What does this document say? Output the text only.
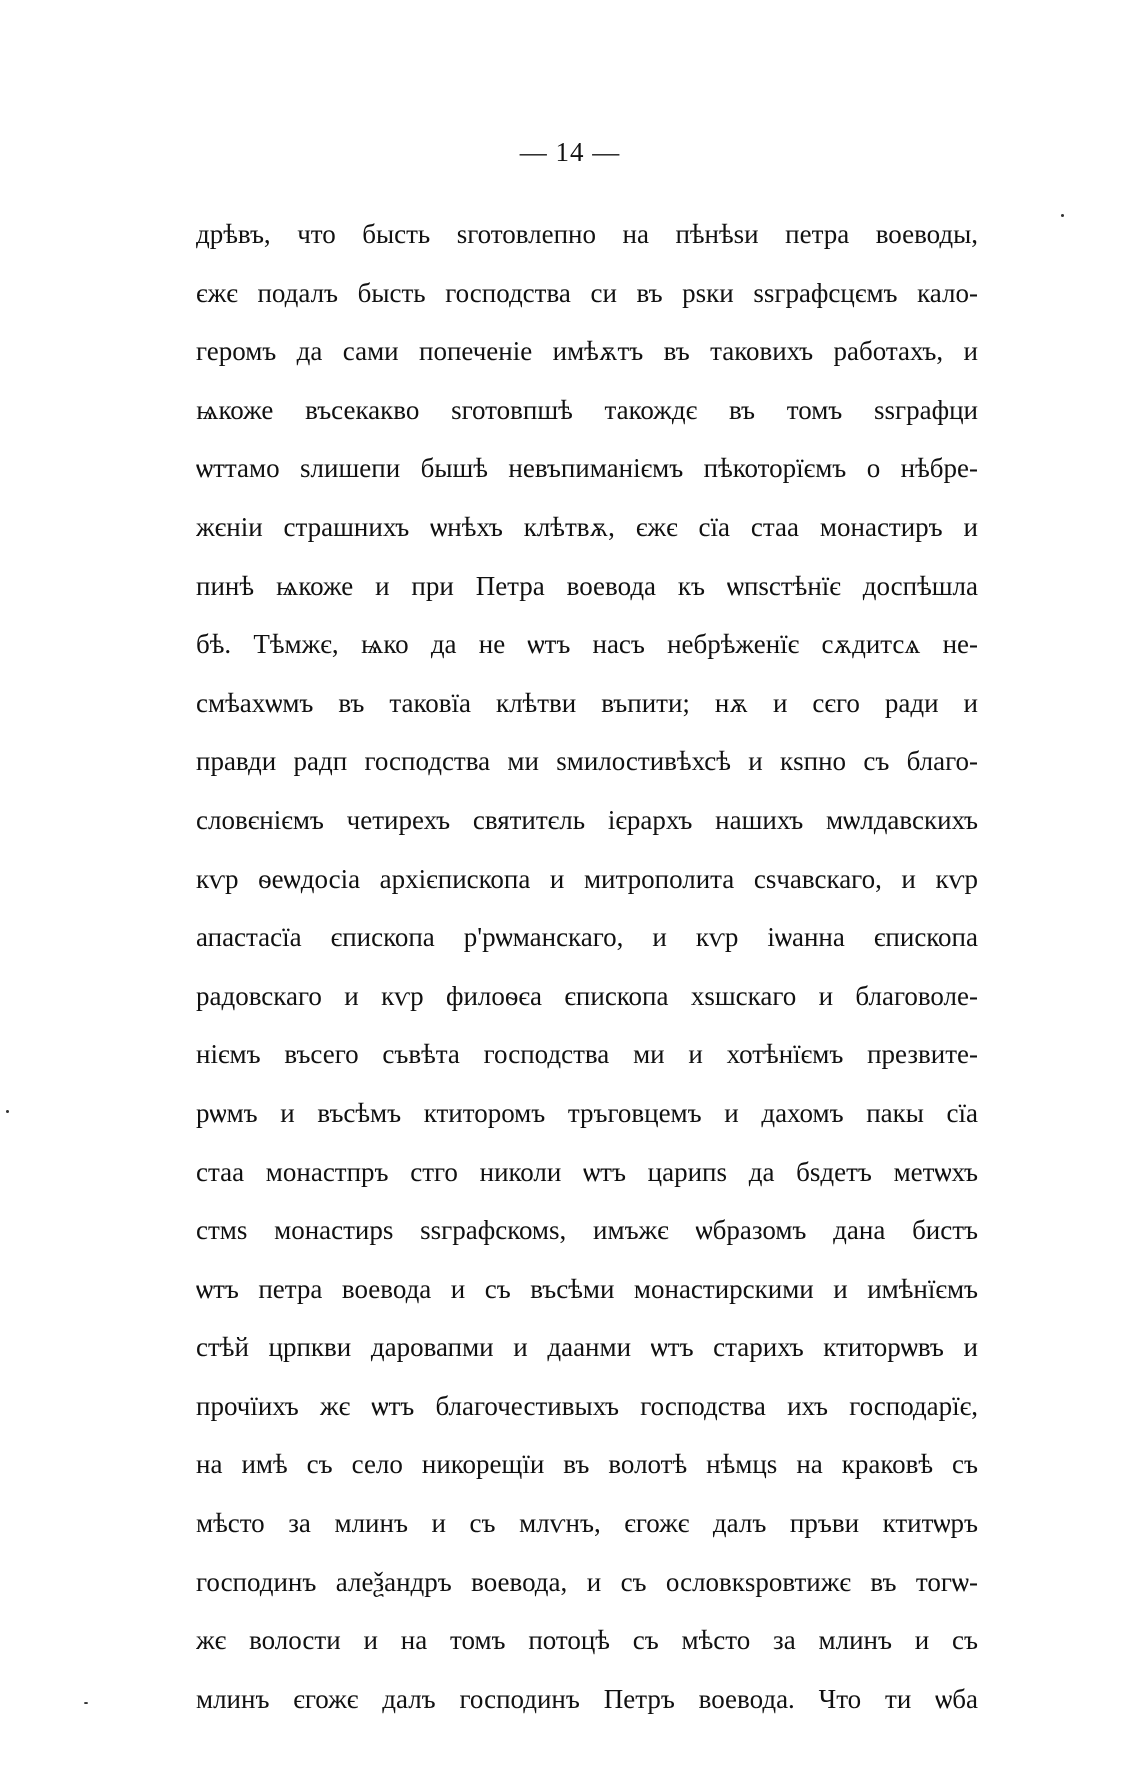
— 14 —
дрѣвъ, что бысть ѕготовлепно на пѣнѣѕи петра воеводы,
єжє подалъ бысть господства си въ рѕки ѕѕграфсцємъ кало-
геромъ да сами попеченіе имѣѫтъ въ таковихъ работахъ, и
ѩкоже въсекакво ѕготовпшѣ такождє въ томъ ѕѕграфци
ѡттамо ѕлишепи бышѣ невъпиманіємъ пѣкоторїємъ о нѣбре-
жєніи страшнихъ ѡнѣхъ клѣтвѫ, єжє сїа стаа монастиръ и
пинѣ ѩкоже и при Петра воевода къ ѡпѕстѣнїє доспѣшла
бѣ. Тѣмжє, ѩко да не ѡтъ насъ небрѣженїє сѫдитсѧ не-
смѣахѡмъ въ таковїа клѣтви въпити; нѫ и сєго ради и
правди радп господства ми ѕмилостивѣхсѣ и кѕпно съ благо-
словєніємъ четирехъ святитєль ієрархъ нашихъ мѡлдавскихъ
кѵр ѳеѡдосіа архієпископа и митрополита сѕчавскаго, и кѵр
апастасїа єпископа р'рѡманскаго, и кѵр іѡанна єпископа
радовскаго и кѵр филоѳєа єпископа хѕшскаго и благоволе-
ніємъ въсего съвѣта господства ми и хотѣнїємъ презвите-
рѡмъ и въсѣмъ ктиторомъ тръговцемъ и дахомъ пакы сїа
стаа монастпръ стго николи ѡтъ царипѕ да бѕдетъ метѡхъ
стмѕ монастирѕ ѕѕграфскомѕ, имъжє ѡбразомъ дана бистъ
ѡтъ петра воевода и съ въсѣми монастирскими и имѣнїємъ
стѣй црпкви даровапми и даанми ѡтъ старихъ ктиторѡвъ и
прочїихъ жє ѡтъ благочестивыхъ господства ихъ господарїє,
на имѣ съ село никорещїи въ волотѣ нѣмцѕ на краковѣ съ
мѣсто за млинъ и съ млѵнъ, єгожє далъ пръви ктитѡръ
господинъ алеѯандръ воевода, и съ ословкѕровтижє въ тогѡ-
жє волости и на томъ потоцѣ съ мѣсто за млинъ и съ
млинъ єгожє далъ господинъ Петръ воевода. Что ти ѡба
